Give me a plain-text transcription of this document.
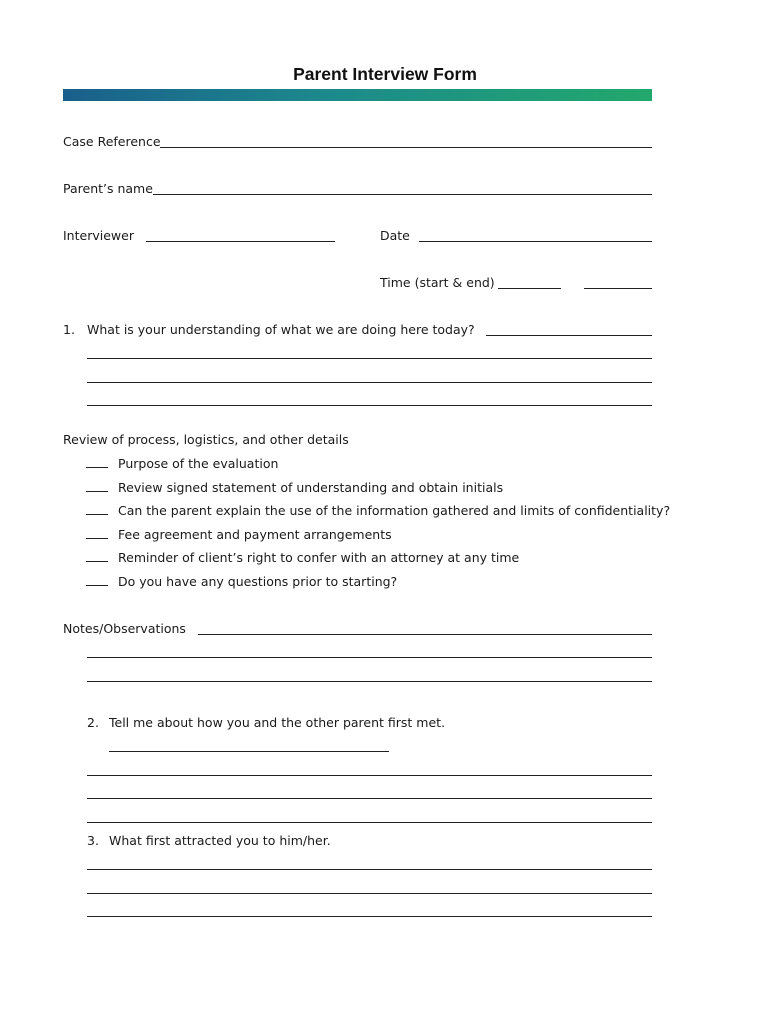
Parent Interview Form
Case Reference
Parent’s name
Interviewer	Date
Time (start & end)
1. What is your understanding of what we are doing here today?
Review of process, logistics, and other details
Purpose of the evaluation
Review signed statement of understanding and obtain initials
Can the parent explain the use of the information gathered and limits of confidentiality?
Fee agreement and payment arrangements
Reminder of client’s right to confer with an attorney at any time
Do you have any questions prior to starting?
Notes/Observations
2. Tell me about how you and the other parent first met.
3. What first attracted you to him/her.
